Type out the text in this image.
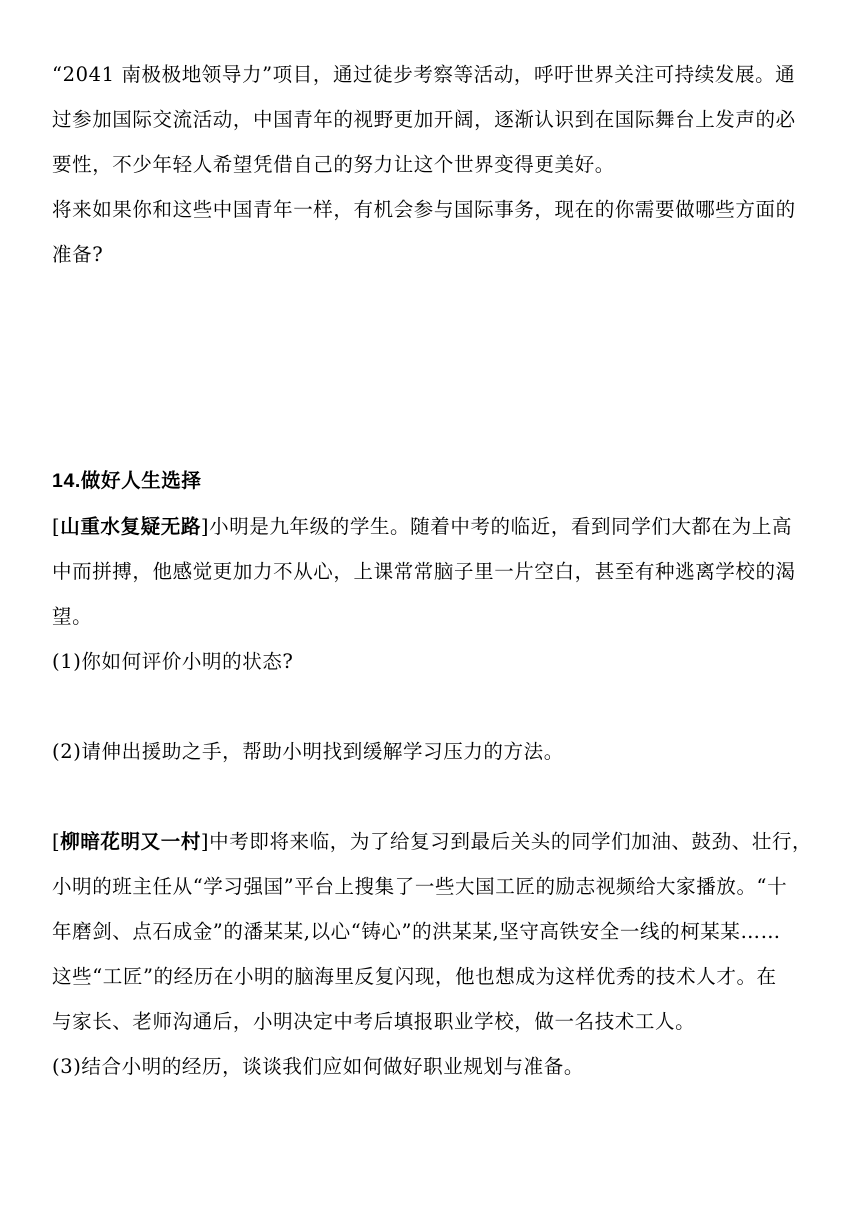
“2041 南极极地领导力”项目，通过徒步考察等活动，呼吁世界关注可持续发展。通
过参加国际交流活动，中国青年的视野更加开阔，逐渐认识到在国际舞台上发声的必
要性，不少年轻人希望凭借自己的努力让这个世界变得更美好。
将来如果你和这些中国青年一样，有机会参与国际事务，现在的你需要做哪些方面的
准备?
14.做好人生选择
[山重水复疑无路]小明是九年级的学生。随着中考的临近，看到同学们大都在为上高
中而拼搏，他感觉更加力不从心，上课常常脑子里一片空白，甚至有种逃离学校的渴
望。
(1)你如何评价小明的状态?
(2)请伸出援助之手，帮助小明找到缓解学习压力的方法。
[柳暗花明又一村]中考即将来临，为了给复习到最后关头的同学们加油、鼓劲、壮行，
小明的班主任从“学习强国”平台上搜集了一些大国工匠的励志视频给大家播放。“十
年磨剑、点石成金”的潘某某,以心“铸心”的洪某某,坚守高铁安全一线的柯某某……
这些“工匠”的经历在小明的脑海里反复闪现，他也想成为这样优秀的技术人才。在
与家长、老师沟通后，小明决定中考后填报职业学校，做一名技术工人。
(3)结合小明的经历，谈谈我们应如何做好职业规划与准备。
